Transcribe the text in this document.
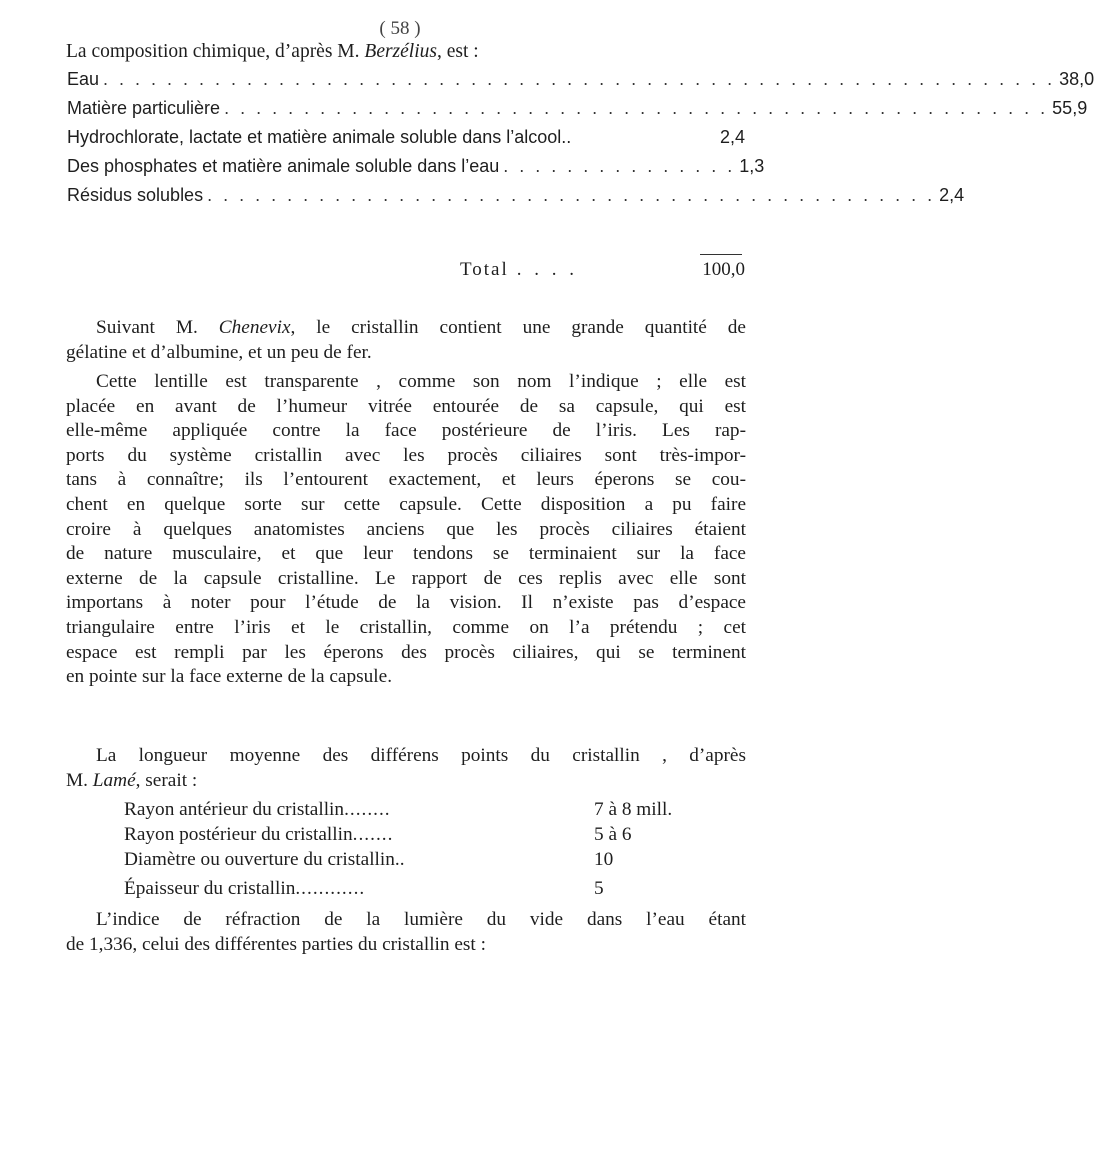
( 58 )
La composition chimique, d’après M. Berzélius, est :
Eau . . . . . . . . . . . . . . . . . . . . . . . . . . . . . . . . . . . . . . . . . . . . . . . . . . . . . . . . . . . . 38,0
Matière particulière . . . . . . . . . . . . . . . . . . . . . . . . . . . . . . . . . . . . . . . . . . . . . . . . . . . . 55,9
Hydrochlorate, lactate et matière animale soluble dans l’alcool..	2,4
Des phosphates et matière animale soluble dans l’eau . . . . . . . . . . . . . . . 1,3
Résidus solubles . . . . . . . . . . . . . . . . . . . . . . . . . . . . . . . . . . . . . . . . . . . . . . 2,4
Total . . . .	100,0
Suivant M. Chenevix, le cristallin contient une grande quantité de
gélatine et d’albumine, et un peu de fer.
Cette lentille est transparente , comme son nom l’indique ; elle est
placée en avant de l’humeur vitrée entourée de sa capsule, qui est
elle-même appliquée contre la face postérieure de l’iris. Les rap-
ports du système cristallin avec les procès ciliaires sont très-impor-
tans à connaître; ils l’entourent exactement, et leurs éperons se cou-
chent en quelque sorte sur cette capsule. Cette disposition a pu faire
croire à quelques anatomistes anciens que les procès ciliaires étaient
de nature musculaire, et que leur tendons se terminaient sur la face
externe de la capsule cristalline. Le rapport de ces replis avec elle sont
importans à noter pour l’étude de la vision. Il n’existe pas d’espace
triangulaire entre l’iris et le cristallin, comme on l’a prétendu ; cet
espace est rempli par les éperons des procès ciliaires, qui se terminent
en pointe sur la face externe de la capsule.
La longueur moyenne des différens points du cristallin , d’après
M. Lamé, serait :
Rayon antérieur du cristallin ........	7 à 8 mill.
Rayon postérieur du cristallin .......	5 à 6
Diamètre ou ouverture du cristallin..	10
Épaisseur du cristallin ............	5
L’indice de réfraction de la lumière du vide dans l’eau étant
de 1,336, celui des différentes parties du cristallin est :
